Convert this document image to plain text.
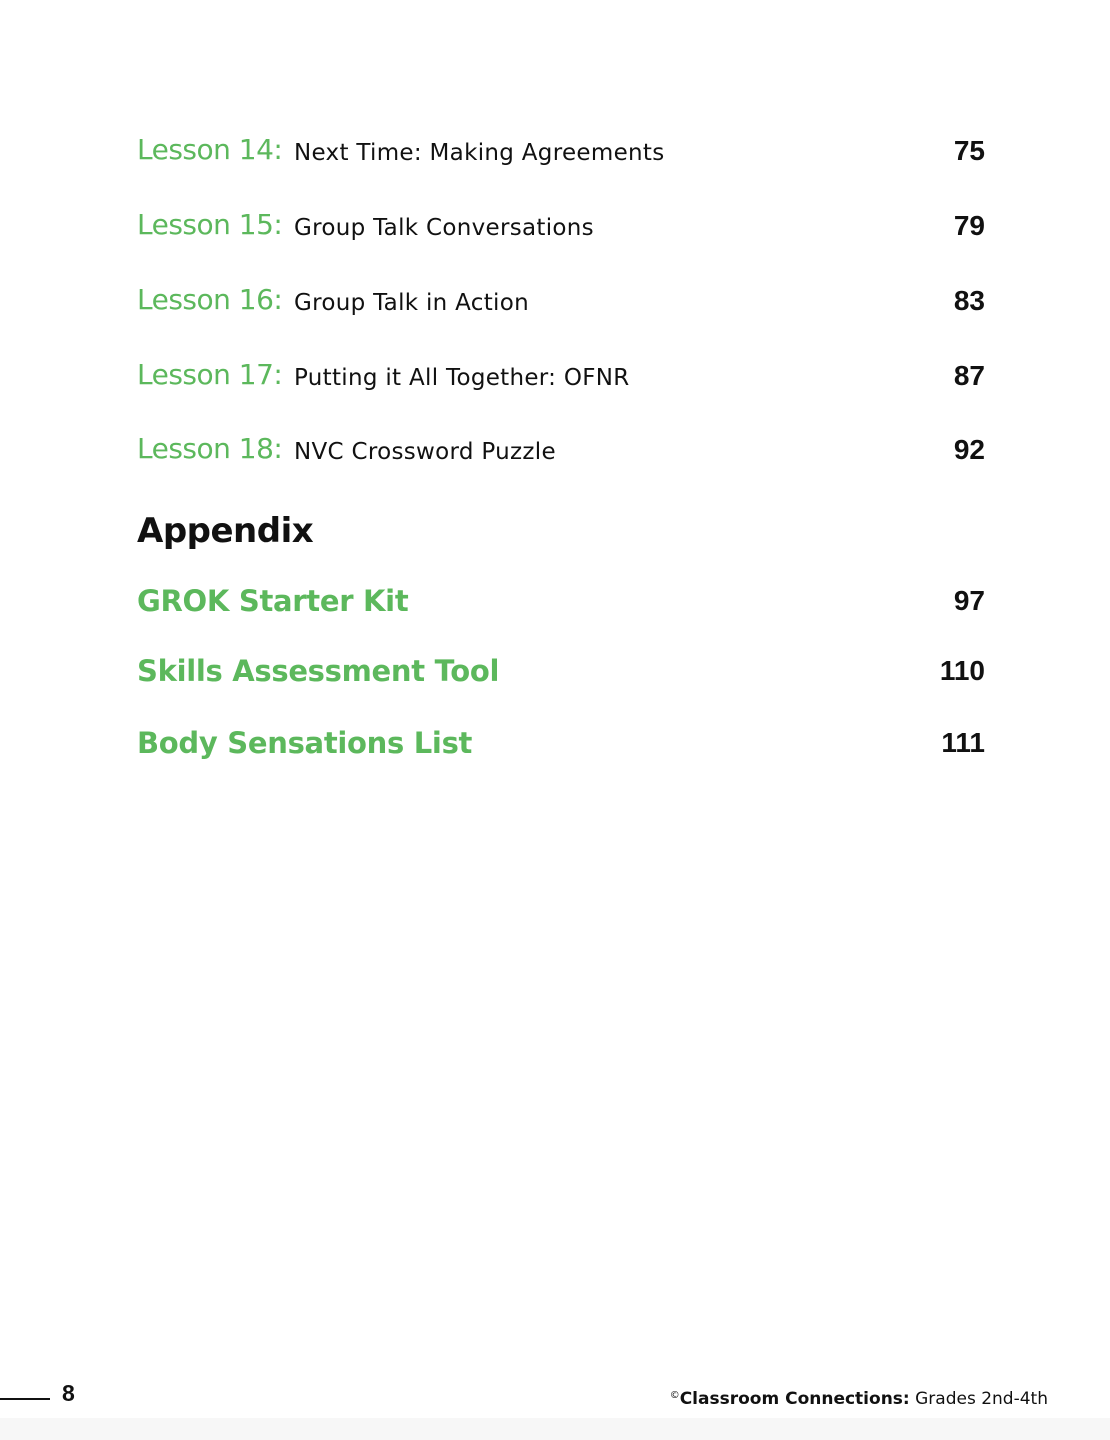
Lesson 14: Next Time: Making Agreements	75
Lesson 15: Group Talk Conversations	79
Lesson 16: Group Talk in Action	83
Lesson 17: Putting it All Together: OFNR	87
Lesson 18: NVC Crossword Puzzle	92
Appendix
GROK Starter Kit	97
Skills Assessment Tool	110
Body Sensations List	111
8	©Classroom Connections: Grades 2nd-4th
